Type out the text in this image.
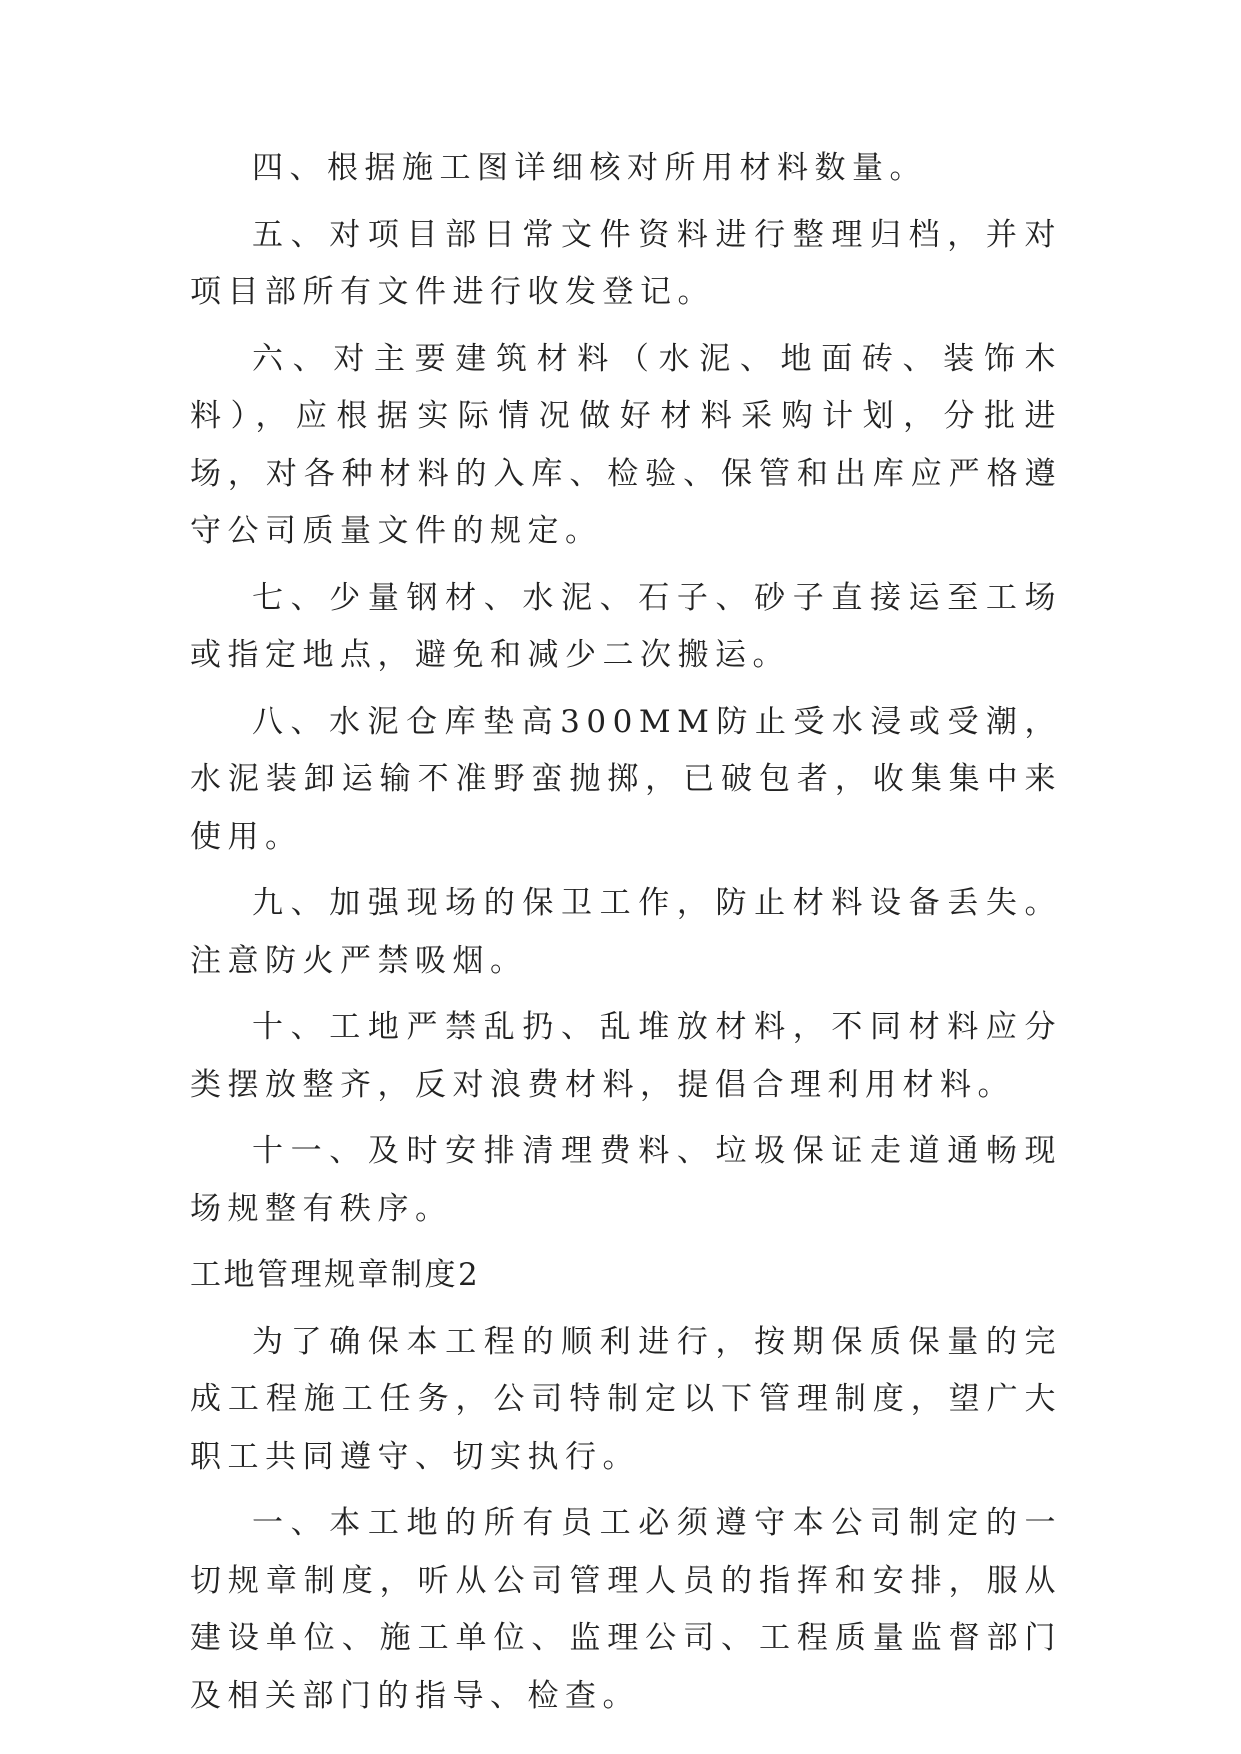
四、根据施工图详细核对所用材料数量。

五、对项目部日常文件资料进行整理归档，并对项目部所有文件进行收发登记。

六、对主要建筑材料（水泥、地面砖、装饰木料），应根据实际情况做好材料采购计划，分批进场，对各种材料的入库、检验、保管和出库应严格遵守公司质量文件的规定。

七、少量钢材、水泥、石子、砂子直接运至工场或指定地点，避免和减少二次搬运。

八、水泥仓库垫高300MM防止受水浸或受潮，水泥装卸运输不准野蛮抛掷，已破包者，收集集中来使用。

九、加强现场的保卫工作，防止材料设备丢失。注意防火严禁吸烟。

十、工地严禁乱扔、乱堆放材料，不同材料应分类摆放整齐，反对浪费材料，提倡合理利用材料。

十一、及时安排清理费料、垃圾保证走道通畅现场规整有秩序。

工地管理规章制度2

为了确保本工程的顺利进行，按期保质保量的完成工程施工任务，公司特制定以下管理制度，望广大职工共同遵守、切实执行。

一、本工地的所有员工必须遵守本公司制定的一切规章制度，听从公司管理人员的指挥和安排，服从建设单位、施工单位、监理公司、工程质量监督部门及相关部门的指导、检查。
